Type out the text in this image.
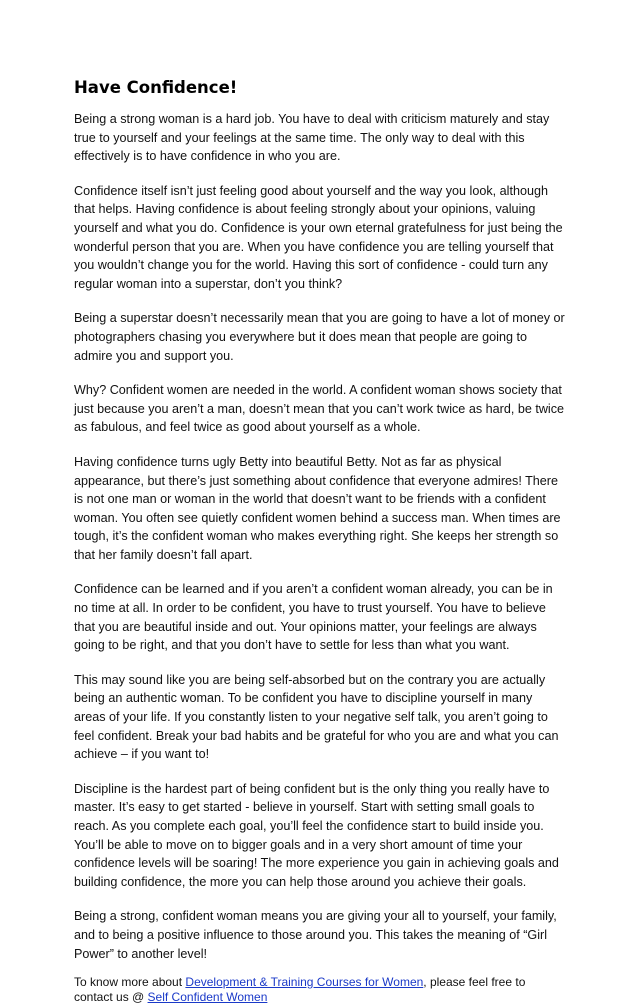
Have Confidence!

Being a strong woman is a hard job. You have to deal with criticism maturely and stay true to yourself and your feelings at the same time. The only way to deal with this effectively is to have confidence in who you are.

Confidence itself isn’t just feeling good about yourself and the way you look, although that helps. Having confidence is about feeling strongly about your opinions, valuing yourself and what you do. Confidence is your own eternal gratefulness for just being the wonderful person that you are. When you have confidence you are telling yourself that you wouldn’t change you for the world. Having this sort of confidence - could turn any regular woman into a superstar, don’t you think?

Being a superstar doesn’t necessarily mean that you are going to have a lot of money or photographers chasing you everywhere but it does mean that people are going to admire you and support you.

Why? Confident women are needed in the world. A confident woman shows society that just because you aren’t a man, doesn’t mean that you can’t work twice as hard, be twice as fabulous, and feel twice as good about yourself as a whole.

Having confidence turns ugly Betty into beautiful Betty. Not as far as physical appearance, but there’s just something about confidence that everyone admires! There is not one man or woman in the world that doesn’t want to be friends with a confident woman. You often see quietly confident women behind a success man. When times are tough, it’s the confident woman who makes everything right. She keeps her strength so that her family doesn’t fall apart.

Confidence can be learned and if you aren’t a confident woman already, you can be in no time at all. In order to be confident, you have to trust yourself. You have to believe that you are beautiful inside and out. Your opinions matter, your feelings are always going to be right, and that you don’t have to settle for less than what you want.

This may sound like you are being self-absorbed but on the contrary you are actually being an authentic woman. To be confident you have to discipline yourself in many areas of your life. If you constantly listen to your negative self talk, you aren’t going to feel confident. Break your bad habits and be grateful for who you are and what you can achieve – if you want to!

Discipline is the hardest part of being confident but is the only thing you really have to master. It’s easy to get started - believe in yourself. Start with setting small goals to reach. As you complete each goal, you’ll feel the confidence start to build inside you. You’ll be able to move on to bigger goals and in a very short amount of time your confidence levels will be soaring! The more experience you gain in achieving goals and building confidence, the more you can help those around you achieve their goals.

Being a strong, confident woman means you are giving your all to yourself, your family, and to being a positive influence to those around you. This takes the meaning of “Girl Power” to another level!

To know more about Development & Training Courses for Women, please feel free to contact us @ Self Confident Women
